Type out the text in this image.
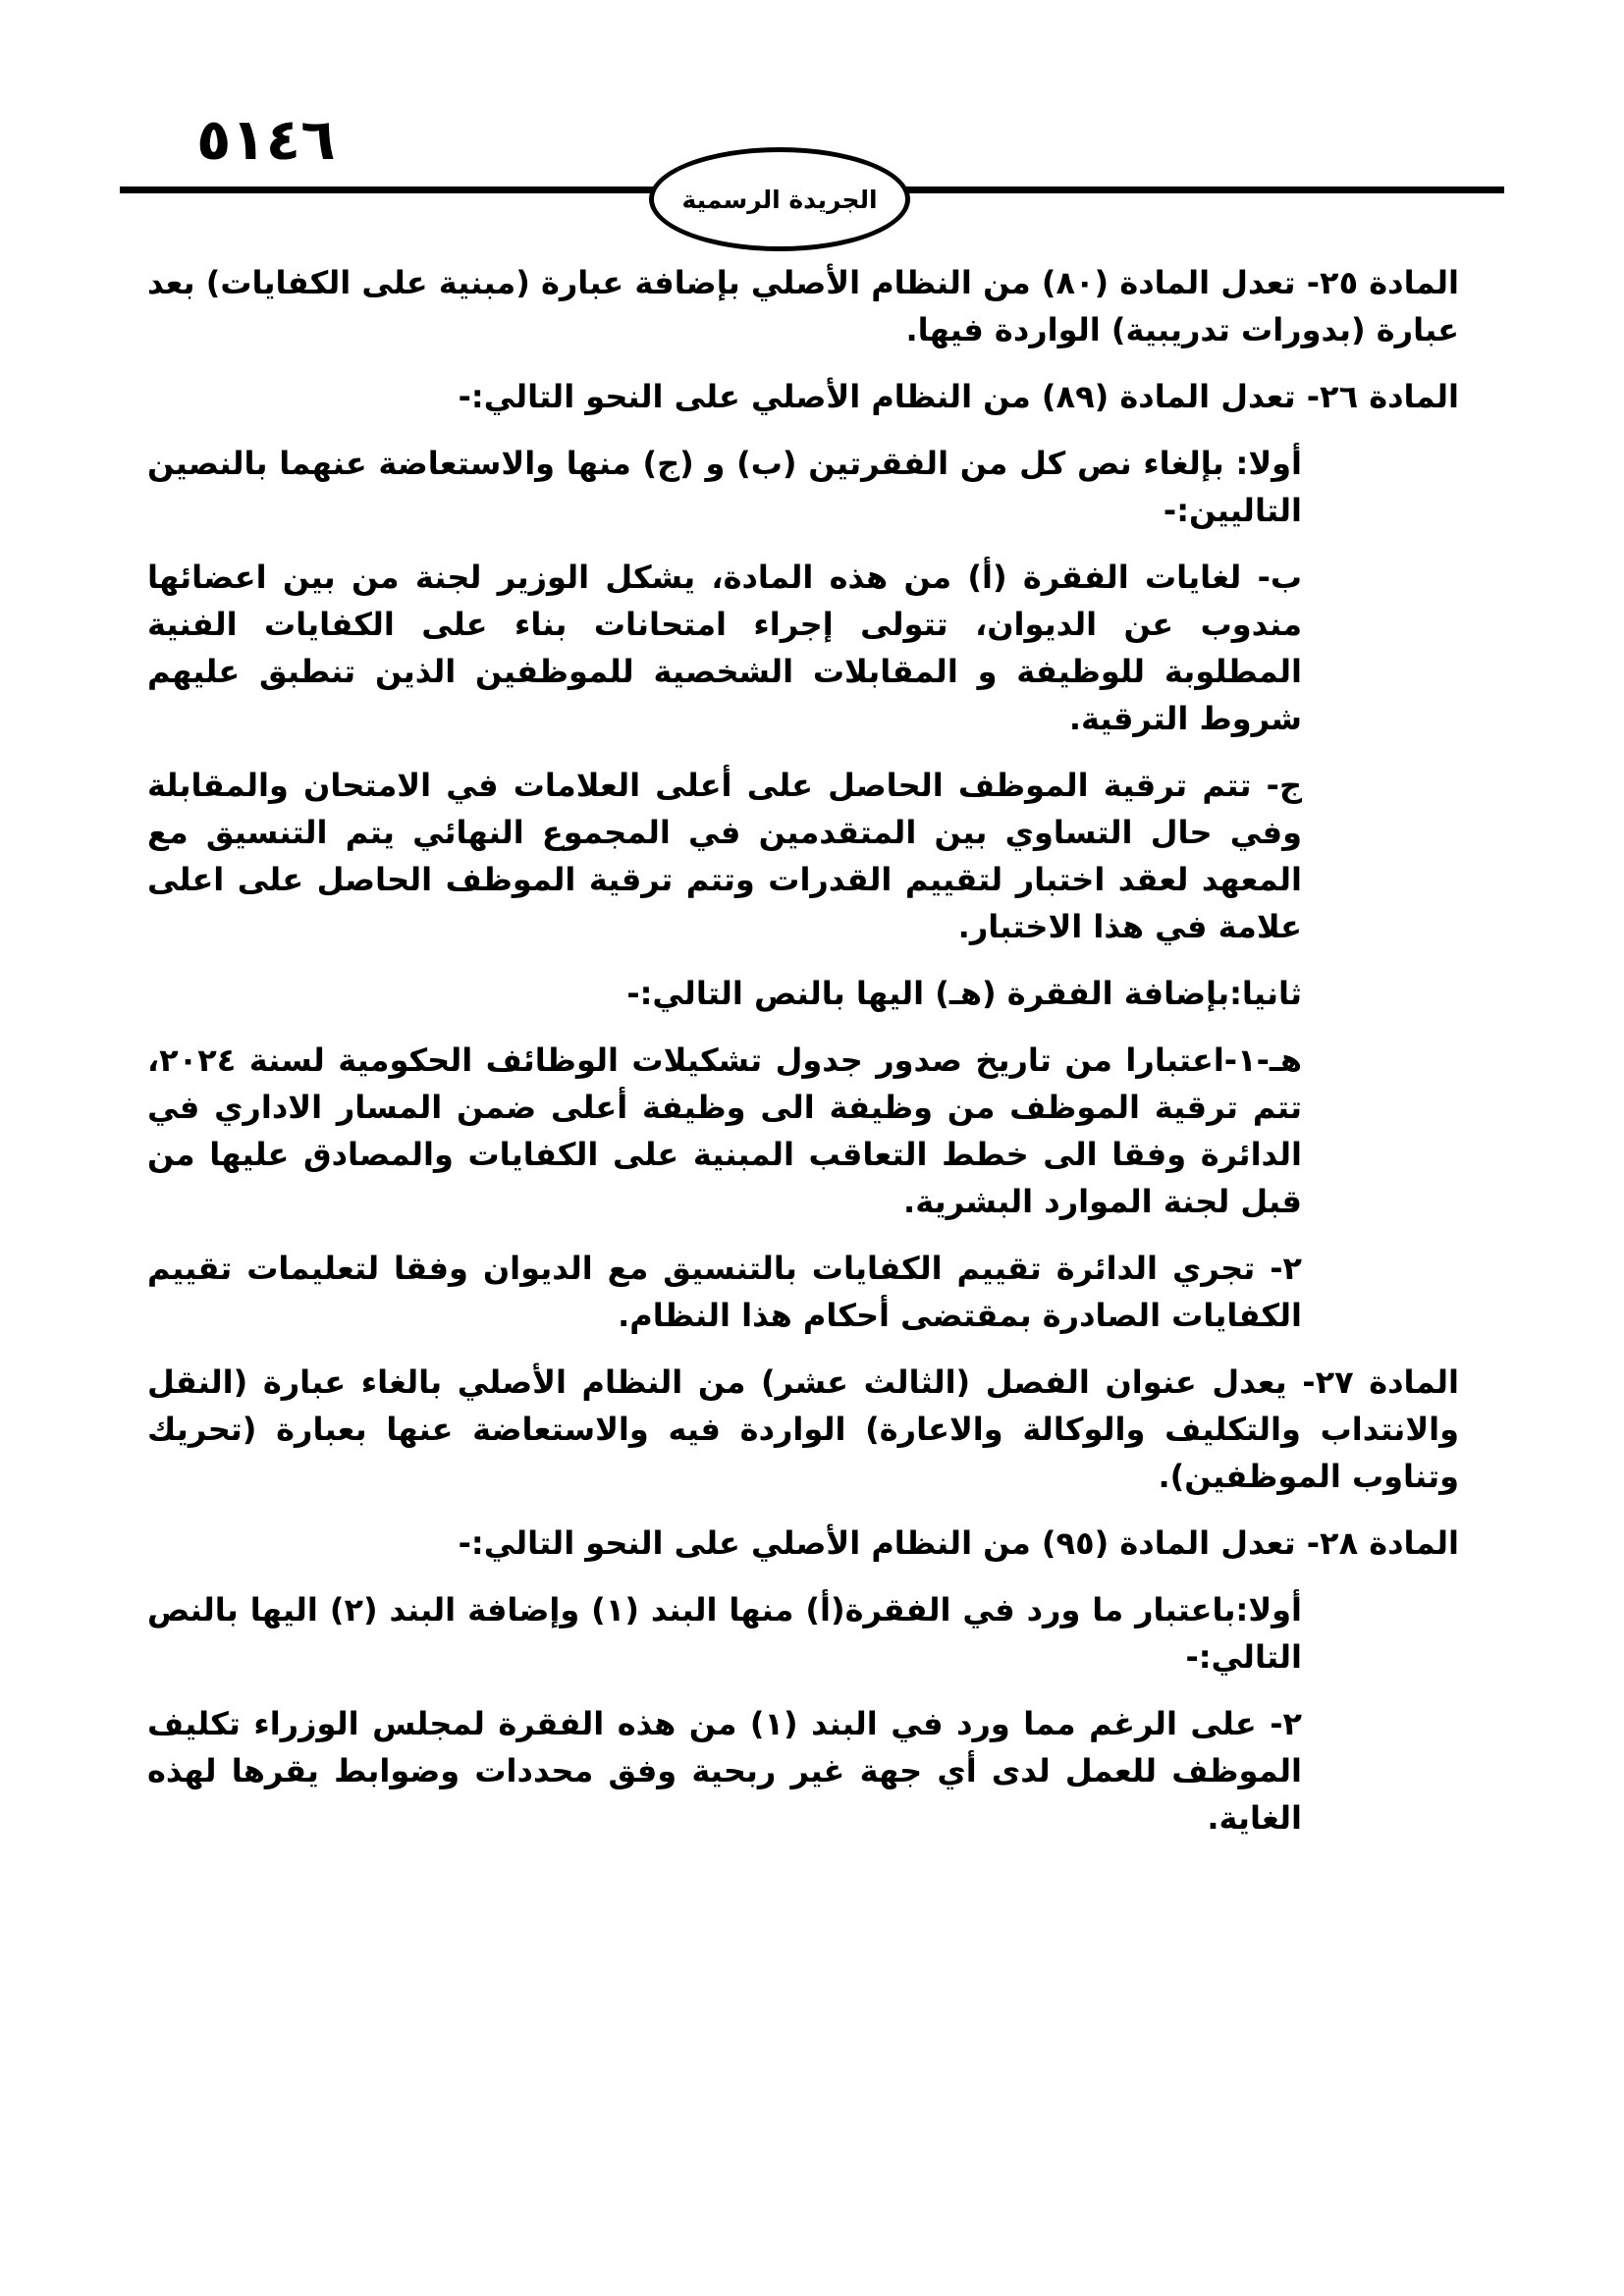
٥١٤٦
الجريدة الرسمية

المادة ٢٥- تعدل المادة (٨٠) من النظام الأصلي بإضافة عبارة (مبنية على الكفايات) بعد عبارة (بدورات تدريبية) الواردة فيها.

المادة ٢٦- تعدل المادة (٨٩) من النظام الأصلي على النحو التالي:-

أولا: بإلغاء نص كل من الفقرتين (ب) و (ج) منها والاستعاضة عنهما بالنصين التاليين:-

ب- لغايات الفقرة (أ) من هذه المادة، يشكل الوزير لجنة من بين اعضائها مندوب عن الديوان، تتولى إجراء امتحانات بناء على الكفايات الفنية المطلوبة للوظيفة و المقابلات الشخصية للموظفين الذين تنطبق عليهم شروط الترقية.

ج- تتم ترقية الموظف الحاصل على أعلى العلامات في الامتحان والمقابلة وفي حال التساوي بين المتقدمين في المجموع النهائي يتم التنسيق مع المعهد لعقد اختبار لتقييم القدرات وتتم ترقية الموظف الحاصل على اعلى علامة في هذا الاختبار.

ثانيا:بإضافة الفقرة (هـ) اليها بالنص التالي:-

هـ-١-اعتبارا من تاريخ صدور جدول تشكيلات الوظائف الحكومية لسنة ٢٠٢٤، تتم ترقية الموظف من وظيفة الى وظيفة أعلى ضمن المسار الاداري في الدائرة وفقا الى خطط التعاقب المبنية على الكفايات والمصادق عليها من قبل لجنة الموارد البشرية.

٢- تجري الدائرة تقييم الكفايات بالتنسيق مع الديوان وفقا لتعليمات تقييم الكفايات الصادرة بمقتضى أحكام هذا النظام.

المادة ٢٧- يعدل عنوان الفصل (الثالث عشر) من النظام الأصلي بالغاء عبارة (النقل والانتداب والتكليف والوكالة والاعارة) الواردة فيه والاستعاضة عنها بعبارة (تحريك وتناوب الموظفين).

المادة ٢٨- تعدل المادة (٩٥) من النظام الأصلي على النحو التالي:-

أولا:باعتبار ما ورد في الفقرة(أ) منها البند (١) وإضافة البند (٢) اليها بالنص التالي:-

٢- على الرغم مما ورد في البند (١) من هذه الفقرة لمجلس الوزراء تكليف الموظف للعمل لدى أي جهة غير ربحية وفق محددات وضوابط يقرها لهذه الغاية.
